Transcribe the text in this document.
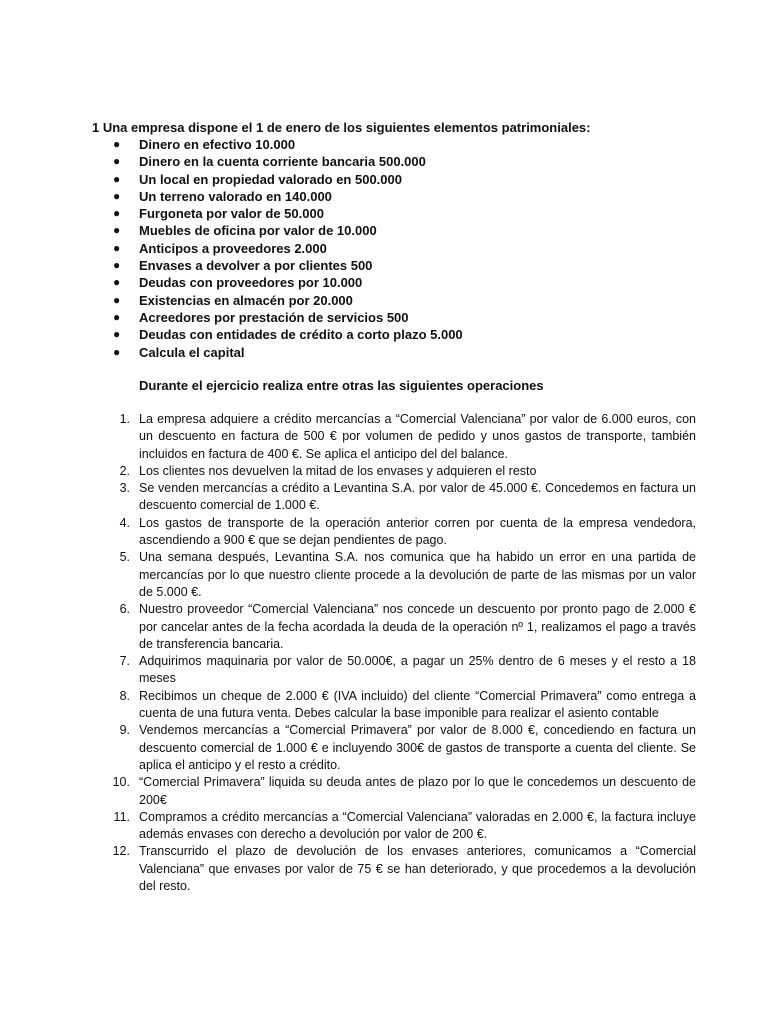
1 Una empresa dispone el 1 de enero de los siguientes elementos patrimoniales:
●	Dinero en efectivo 10.000
●	Dinero en la cuenta corriente bancaria 500.000
●	Un local en propiedad valorado en 500.000
●	Un terreno valorado en 140.000
●	Furgoneta por valor de 50.000
●	Muebles de oficina por valor de 10.000
●	Anticipos a proveedores 2.000
●	Envases a devolver a por clientes 500
●	Deudas con proveedores por 10.000
●	Existencias en almacén por 20.000
●	Acreedores por prestación de servicios 500
●	Deudas con entidades de crédito a corto plazo 5.000
●	Calcula el capital
Durante el ejercicio realiza entre otras las siguientes operaciones
1. La empresa adquiere a crédito mercancías a “Comercial Valenciana” por valor de 6.000 euros, con un descuento en factura de 500 € por volumen de pedido y unos gastos de transporte, también incluidos en factura de 400 €. Se aplica el anticipo del del balance.
2. Los clientes nos devuelven la mitad de los envases y adquieren el resto
3. Se venden mercancías a crédito a Levantina S.A. por valor de 45.000 €. Concedemos en factura un descuento comercial de 1.000 €.
4. Los gastos de transporte de la operación anterior corren por cuenta de la empresa vendedora, ascendiendo a 900 € que se dejan pendientes de pago.
5. Una semana después, Levantina S.A. nos comunica que ha habido un error en una partida de mercancías por lo que nuestro cliente procede a la devolución de parte de las mismas por un valor de 5.000 €.
6. Nuestro proveedor “Comercial Valenciana” nos concede un descuento por pronto pago de 2.000 € por cancelar antes de la fecha acordada la deuda de la operación nº 1, realizamos el pago a través de transferencia bancaria.
7. Adquirimos maquinaria por valor de 50.000€, a pagar un 25% dentro de 6 meses y el resto a 18 meses
8. Recibimos un cheque de 2.000 € (IVA incluido) del cliente “Comercial Primavera” como entrega a cuenta de una futura venta. Debes calcular la base imponible para realizar el asiento contable
9. Vendemos mercancías a “Comercial Primavera” por valor de 8.000 €, concediendo en factura un descuento comercial de 1.000 € e incluyendo 300€ de gastos de transporte a cuenta del cliente. Se aplica el anticipo y el resto a crédito.
10. “Comercial Primavera” liquida su deuda antes de plazo por lo que le concedemos un descuento de 200€
11. Compramos a crédito mercancías a “Comercial Valenciana” valoradas en 2.000 €, la factura incluye además envases con derecho a devolución por valor de 200 €.
12. Transcurrido el plazo de devolución de los envases anteriores, comunicamos a “Comercial Valenciana” que envases por valor de 75 € se han deteriorado, y que procedemos a la devolución del resto.
